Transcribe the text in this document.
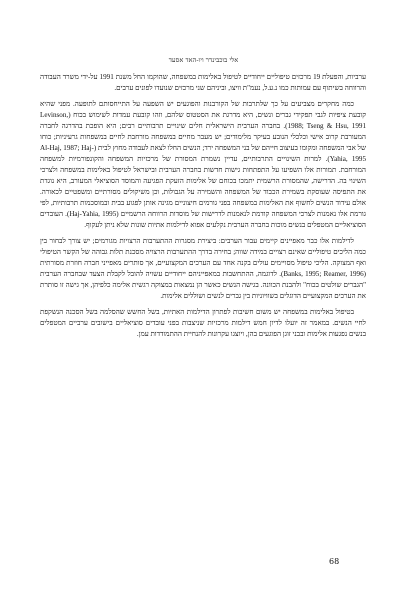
אלי בוכבינדר ויו-האד אסעד

ערביות, והפעלת 19 מרכזים טיפוליים ייחודיים לטיפול באלימות במשפחה, שהוקמו החל משנת 1991 על-ידי משרד העבודה והרווחה בשיתוף עם עמותות כמו נ.ע.ל, נעמ"ת וויצו, וביניהם שני מרכזים שנועדו לפונים ערבים.

כמה מחקרים מצביעים על כך שלתרבות של הקורבנות והפוגעים יש השפעה על התייחסותם לתופעה. מפני שהיא קובעת ציפיות לגבי תפקידי גברים ונשים, היא מדרגת את הסטטוס שלהם, וזהו קובעת עמדות לשימוש בכוח (Levinson, 1988; Tseng & Hsu, 1991). בחברה הערבית הישראלית חלים שינויים תרבותיים רבים; היא הופכת בהדרגה לחברה המעורבת קרוב אישי וכלכלי הנובע בעיקר מלימודים; יש מעבר מחיים במשפחה מורחבת לחיים במשפחות גרעיניות; כוחו של אבי המשפחה ומקומו בעיצוב חייהם של בני המשפחה ירד; הנשים החלו לצאת לעבודה מחוץ לבית (Al-Haj, 1987; Haj-Yahia, 1995). למרות השינויים התרבותיים, עדיין נשמרת המסורת של מרכזיות המשפחה והקונפורמיות למשפחה המורחבת. תמורות אלו השפיעו על התפתחות גישות חדשות בחברה הערבית ובישראל לטיפול באלימות במשפחה ולצרכי השינוי בה. הדרישה, שהמסורת הרשמית יתמכו בכוחם של אלימות הזעקת הפגיעה והמוסד הסוציאלי המעורב, היא נוגדת את התפיסה שעוסקת בשמירת הכבוד של המשפחה והשמירה על הגבולות, וכן משיקולים מסורתיים ומשפטיים לכאורה. אולם עידוד הנשים לחשוף את האלימות במשפחה בפני גורמים חיצוניים מגינה אותן לפגוע בבית ובמוסכמות תרבותיות, לפי גורמת אלו נאמנות לצרכי המשפחה קודמת לנאמנות לדרישות של מוסדות הרווחה הרשמיים (Haj-Yahia, 1995). העובדים הסוציאליים המטפלים בנשים מוכות בחברה הערבית נקלעים אפוא לדילמות אתיות שונות שלא ניתן לעקוף.

לדילמות אלו כבר מאפיינים קיימים עבור הערבים: ביצירת מסגרות ההתערבות הרצויות מגורמים; יש צורך לבחור בין כמה הליכים טיפוליים שאינם רצויים במידה שווה; בחירה בדרך ההתערבות הרצויה מסכנת תלות גבוהה של הקשר הטיפולי ואף המצוקה. הליכי טיפול מסויימים עולים בקנה אחד עם הערכים המקצועיים, אך סותרים מאפייני חברה חוזרת מסורתית (Banks, 1995; Reamer, 1996). לדוגמה, ההתחשבות במאפייניהם ייחודיים עשויה להובל לקבלת הצעד שבחברה הערבית "הגברים שולטים בכוח" ולהבנת הכוונה. בגישה הנשים כאשר הן נמצאות במצוקה רגשית אלימה כלפיהן, אך גישה זו סותרת את הערכים המקצועיים הדוגלים בשוויוניות בין גברים לנשים ושוללים אלימות.

בטיפול באלימות במשפחה יש משום חשיבות לפתרון הדילמות האתיות, בשל החשש שהסלמה בשל הסכנה הנשקפת לחיי הנשים. במאמר זה יועלו לדיון חמש דילמות מרכזיות שניצבות בפני עובדים סוציאליים בישובים ערביים המטפלים בנשים נפגעות אלימות ובבני זוגן הפוגעים בהן, ויוצגו עקרונות להנחיית ההתמודדות עמן.

68
